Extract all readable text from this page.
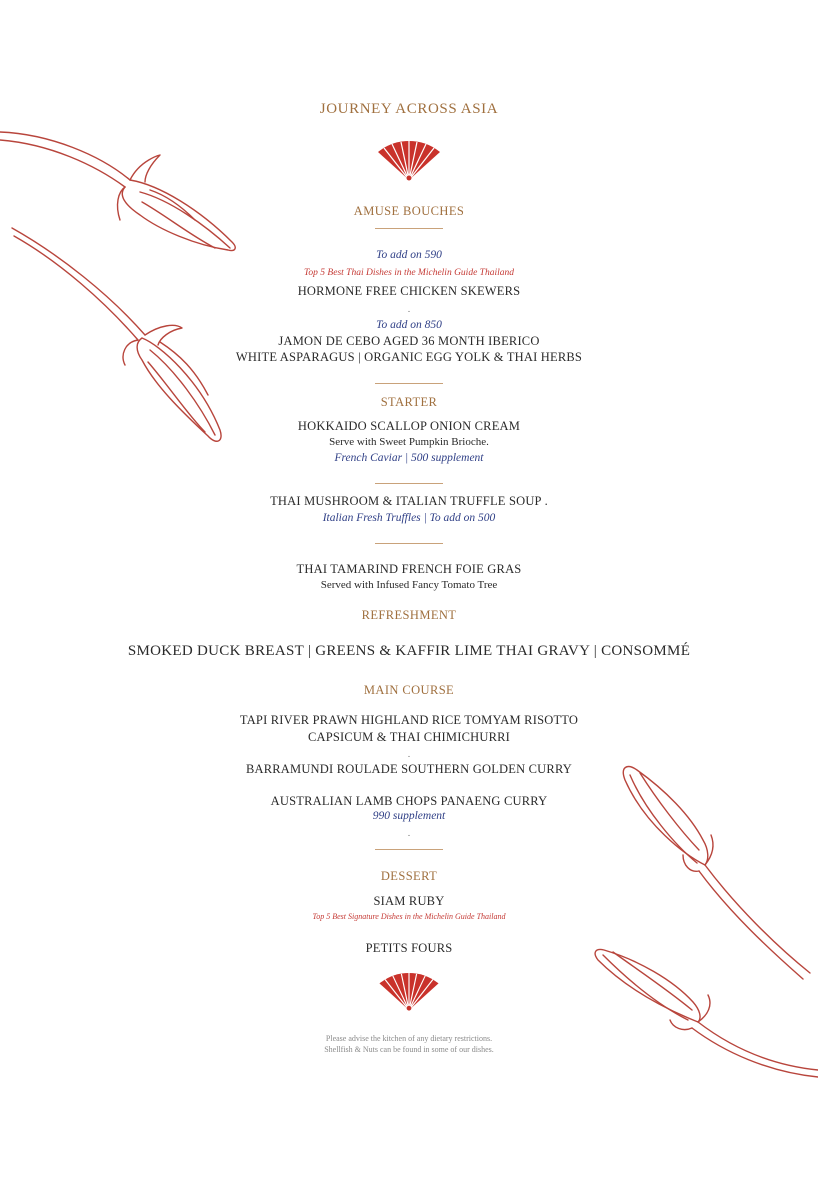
JOURNEY ACROSS ASIA
AMUSE BOUCHES
To add on 590
Top 5 Best Thai Dishes in the Michelin Guide Thailand
HORMONE FREE CHICKEN SKEWERS
.
To add on 850
JAMON DE CEBO AGED 36 MONTH IBERICO
WHITE ASPARAGUS | ORGANIC EGG YOLK & THAI HERBS
STARTER
HOKKAIDO SCALLOP ONION CREAM
Serve with Sweet Pumpkin Brioche.
French Caviar | 500 supplement
THAI MUSHROOM & ITALIAN TRUFFLE SOUP .
Italian Fresh Truffles | To add on 500
THAI TAMARIND FRENCH FOIE GRAS
Served with Infused Fancy Tomato Tree
REFRESHMENT
SMOKED DUCK BREAST | GREENS & KAFFIR LIME THAI GRAVY | CONSOMMÉ
MAIN COURSE
TAPI RIVER PRAWN HIGHLAND RICE TOMYAM RISOTTO
CAPSICUM & THAI CHIMICHURRI
.
BARRAMUNDI ROULADE SOUTHERN GOLDEN CURRY
AUSTRALIAN LAMB CHOPS PANAENG CURRY
990 supplement
.
DESSERT
SIAM RUBY
Top 5 Best Signature Dishes in the Michelin Guide Thailand
PETITS FOURS
Please advise the kitchen of any dietary restrictions.
Shellfish & Nuts can be found in some of our dishes.
